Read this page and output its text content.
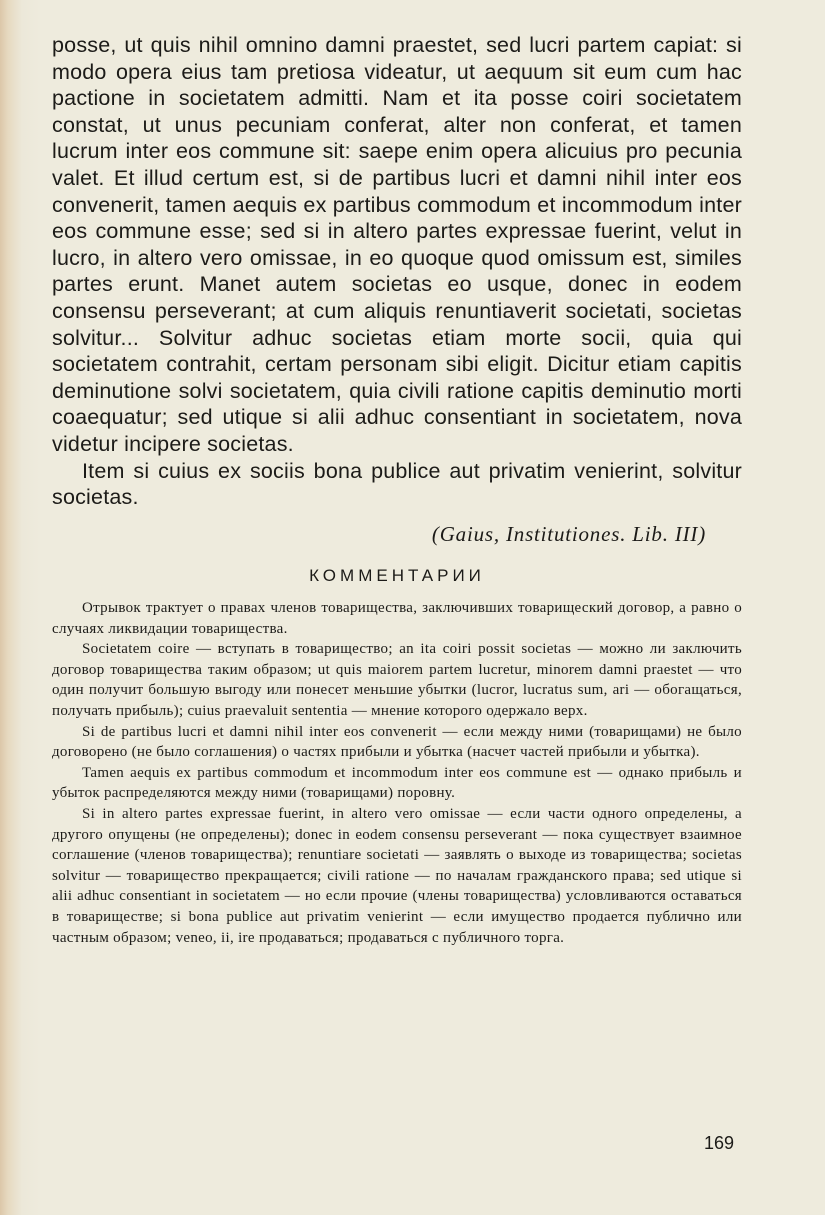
posse, ut quis nihil omnino damni praestet, sed lucri partem capiat: si modo opera eius tam pretiosa videatur, ut aequum sit eum cum hac pactione in societatem admitti. Nam et ita posse coiri societatem constat, ut unus pecuniam conferat, alter non conferat, et tamen lucrum inter eos commune sit: saepe enim opera alicuius pro pecunia valet. Et illud certum est, si de partibus lucri et damni nihil inter eos convenerit, tamen aequis ex partibus commodum et incommodum inter eos commune esse; sed si in altero partes expressae fuerint, velut in lucro, in altero vero omissae, in eo quoque quod omissum est, similes partes erunt. Manet autem societas eo usque, donec in eodem consensu perseverant; at cum aliquis renuntiaverit societati, societas solvitur... Solvitur adhuc societas etiam morte socii, quia qui societatem contrahit, certam personam sibi eligit. Dicitur etiam capitis deminutione solvi societatem, quia civili ratione capitis deminutio morti coaequatur; sed utique si alii adhuc consentiant in societatem, nova videtur incipere societas.

Item si cuius ex sociis bona publice aut privatim venierint, solvitur societas.

(Gaius, Institutiones. Lib. III)
КОММЕНТАРИИ

Отрывок трактует о правах членов товарищества, заключивших товарищеский договор, а равно о случаях ликвидации товарищества.

Societatem coire — вступать в товарищество; an ita coiri possit societas — можно ли заключить договор товарищества таким образом; ut quis maiorem partem lucretur, minorem damni praestet — что один получит большую выгоду или понесет меньшие убытки (lucror, lucratus sum, ari — обогащаться, получать прибыль); cuius praevaluit sententia — мнение которого одержало верх.

Si de partibus lucri et damni nihil inter eos convenerit — если между ними (товарищами) не было договорено (не было соглашения) о частях прибыли и убытка (насчет частей прибыли и убытка).

Tamen aequis ex partibus commodum et incommodum inter eos commune est — однако прибыль и убыток распределяются между ними (товарищами) поровну.

Si in altero partes expressae fuerint, in altero vero omissae — если части одного определены, а другого опущены (не определены); donec in eodem consensu perseverant — пока существует взаимное соглашение (членов товарищества); renuntiare societati — заявлять о выходе из товарищества; societas solvitur — товарищество прекращается; civili ratione — по началам гражданского права; sed utique si alii adhuc consentiant in societatem — но если прочие (члены товарищества) условливаются оставаться в товариществе; si bona publice aut privatim venierint — если имущество продается публично или частным образом; veneo, ii, ire продаваться; продаваться с публичного торга.

169
